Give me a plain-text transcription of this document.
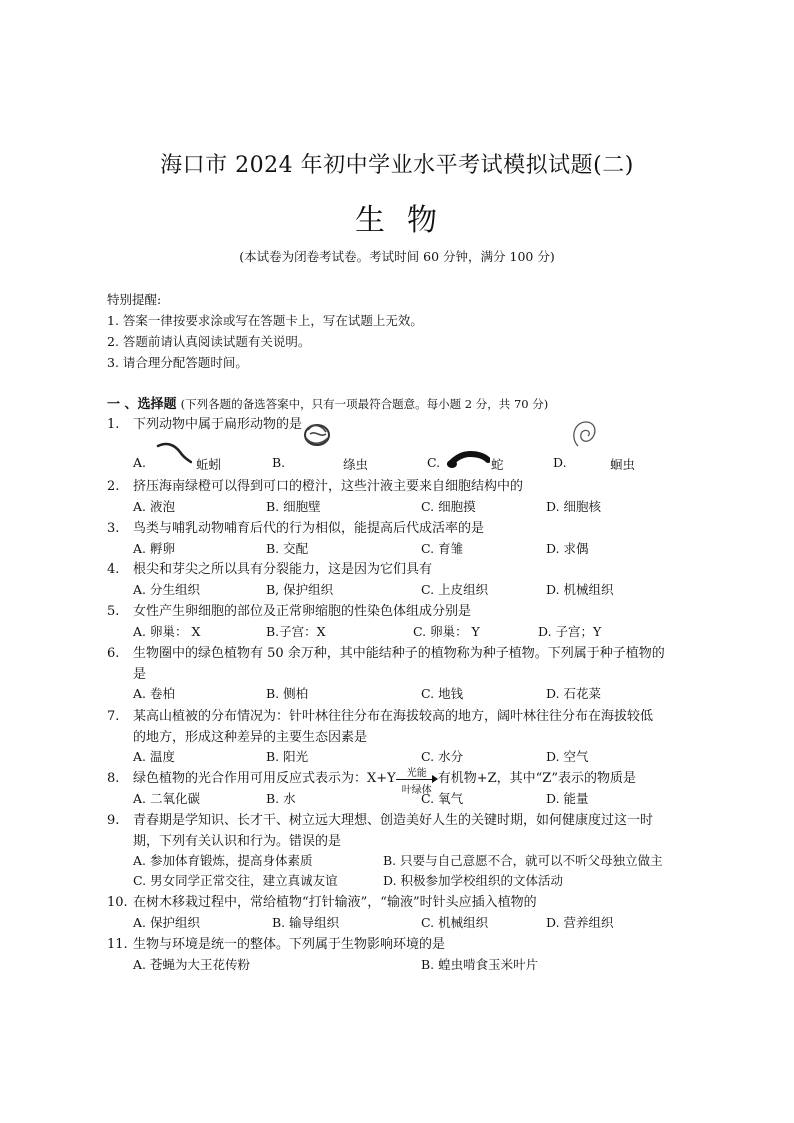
海口市 2024 年初中学业水平考试模拟试题(二)
生物
(本试卷为闭卷考试卷。考试时间 60 分钟，满分 100 分)
特别提醒:
1. 答案一律按要求涂或写在答题卡上，写在试题上无效。
2. 答题前请认真阅读试题有关说明。
3. 请合理分配答题时间。
一 、选择题 (下列各题的备选答案中，只有一项最符合题意。每小题 2 分，共 70 分)
1. 下列动物中属于扁形动物的是
A.	蚯蚓	B.	绦虫	C.	蛇	D.	蛔虫
2. 挤压海南绿橙可以得到可口的橙汁，这些汁液主要来自细胞结构中的
A. 液泡	B. 细胞壁	C. 细胞摸	D. 细胞核
3. 鸟类与哺乳动物哺育后代的行为相似，能提高后代成活率的是
A. 孵卵	B. 交配	C. 育雏	D. 求偶
4. 根尖和芽尖之所以具有分裂能力，这是因为它们具有
A. 分生组织	B, 保护组织	C. 上皮组织	D. 机械组织
5. 女性产生卵细胞的部位及正常卵缩胞的性染色体组成分别是
A. 卵巢： X	B.子宫：X	C. 卵巢： Y	D. 子宫；Y
6. 生物圈中的绿色植物有 50 余万种，其中能结种子的植物称为种子植物。下列属于种子植物的
是
A. 卷柏	B. 侧柏	C. 地钱	D. 石花菜
7. 某高山植被的分布情况为：针叶林往往分布在海拔较高的地方，阔叶林往往分布在海拔较低
的地方，形成这种差异的主要生态因素是
A. 温度	B. 阳光	C. 水分	D. 空气
8. 绿色植物的光合作用可用反应式表示为：X+Y	光能
叶绿体
有机物+Z，其中“Z”表示的物质是
A. 二氧化碳	B. 水	C. 氧气	D. 能量
9. 青春期是学知识、长才干、树立远大理想、创造美好人生的关键时期，如何健康度过这一时
期，下列有关认识和行为。错误的是
A. 参加体育锻炼，提高身体素质	B. 只要与自己意愿不合，就可以不听父母独立做主
C. 男女同学正常交往，建立真诚友谊	D. 积极参加学校组织的文体活动
10. 在树木移栽过程中，常给植物“打针输液”，“输液”时针头应插入植物的
A. 保护组织	B. 输导组织	C. 机械组织	D. 营养组织
11. 生物与环境是统一的整体。下列属于生物影响环境的是
A. 苍蝇为大王花传粉	B. 蝗虫啃食玉米叶片
